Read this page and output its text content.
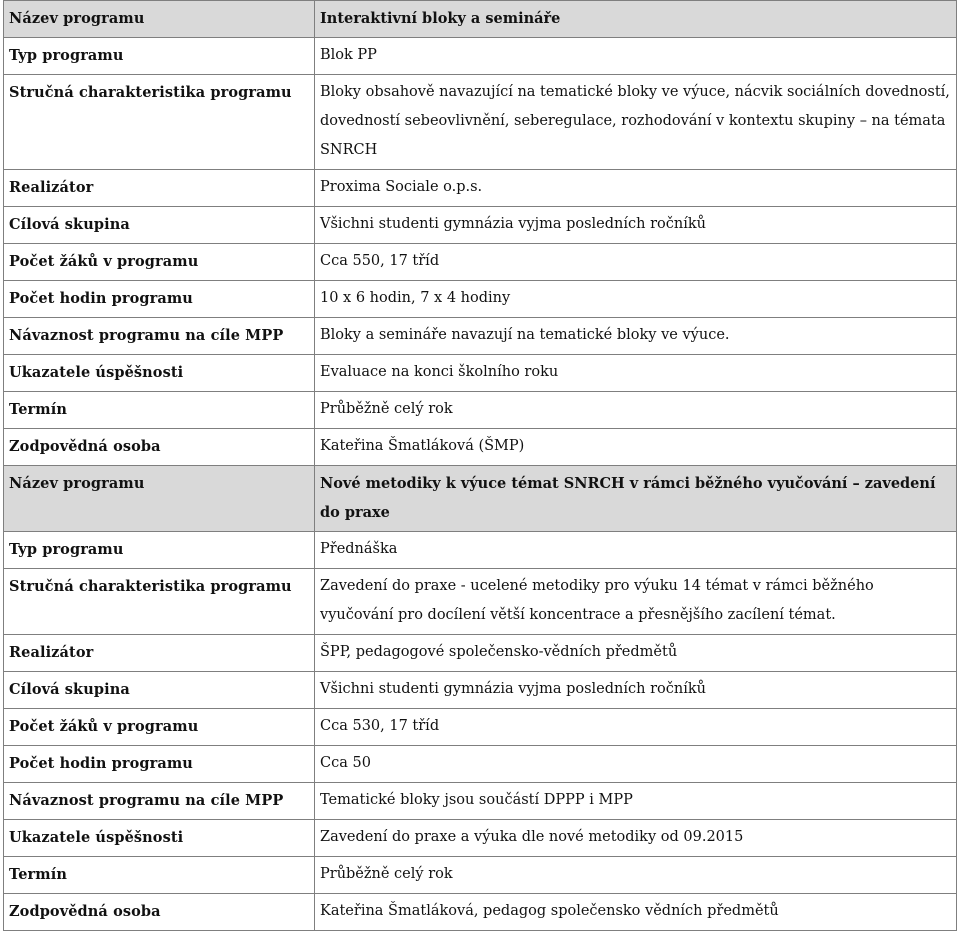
Název programu	Interaktivní bloky a semináře
Typ programu	Blok PP
Stručná charakteristika programu	Bloky obsahově navazující na tematické bloky ve výuce, nácvik sociálních dovedností, dovedností sebeovlivnění, seberegulace, rozhodování v kontextu skupiny – na témata SNRCH
Realizátor	Proxima Sociale o.p.s.
Cílová skupina	Všichni studenti gymnázia vyjma posledních ročníků
Počet žáků v programu	Cca 550, 17 tříd
Počet hodin programu	10 x 6 hodin, 7 x 4 hodiny
Návaznost programu na cíle MPP	Bloky a semináře navazují na tematické bloky ve výuce.
Ukazatele úspěšnosti	Evaluace na konci školního roku
Termín	Průběžně celý rok
Zodpovědná osoba	Kateřina Šmatláková (ŠMP)
Název programu	Nové metodiky k výuce témat SNRCH v rámci běžného vyučování – zavedení do praxe
Typ programu	Přednáška
Stručná charakteristika programu	Zavedení do praxe - ucelené metodiky pro výuku 14 témat v rámci běžného vyučování pro docílení větší koncentrace a přesnějšího zacílení témat.
Realizátor	ŠPP, pedagogové společensko-vědních předmětů
Cílová skupina	Všichni studenti gymnázia vyjma posledních ročníků
Počet žáků v programu	Cca 530, 17 tříd
Počet hodin programu	Cca 50
Návaznost programu na cíle MPP	Tematické bloky jsou součástí DPPP i MPP
Ukazatele úspěšnosti	Zavedení do praxe a výuka dle nové metodiky od 09.2015
Termín	Průběžně celý rok
Zodpovědná osoba	Kateřina Šmatláková, pedagog společensko vědních předmětů
